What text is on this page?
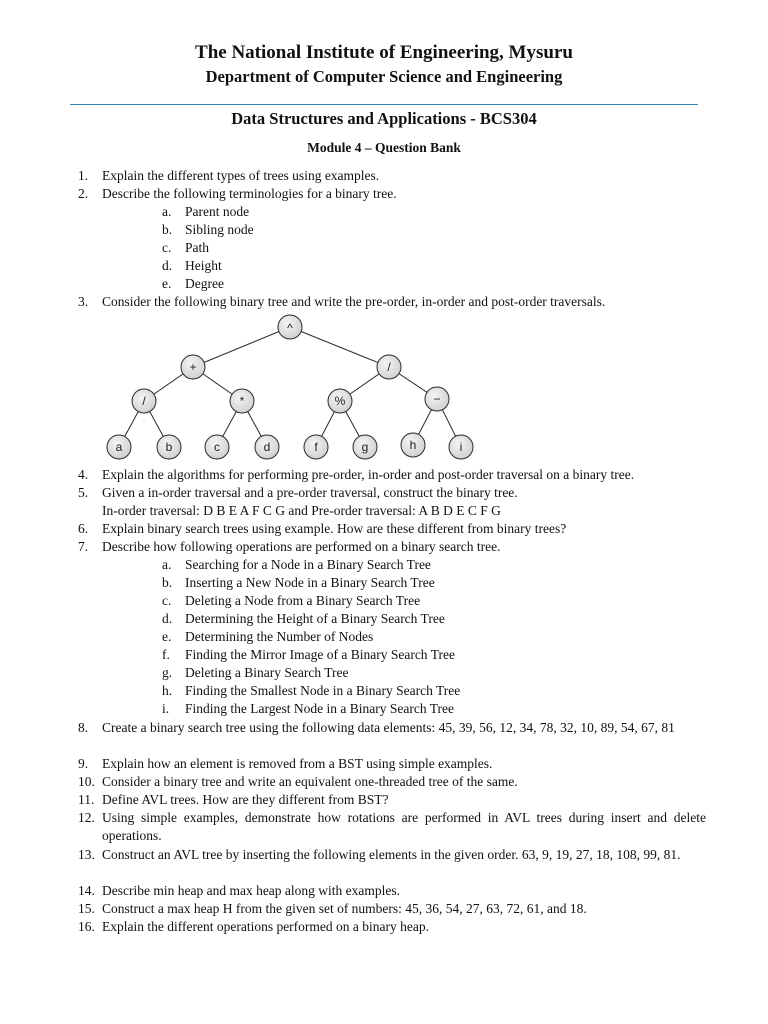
The National Institute of Engineering, Mysuru
Department of Computer Science and Engineering
Data Structures and Applications - BCS304
Module 4 – Question Bank
1. Explain the different types of trees using examples.
2. Describe the following terminologies for a binary tree.
a. Parent node
b. Sibling node
c. Path
d. Height
e. Degree
3. Consider the following binary tree and write the pre-order, in-order and post-order traversals.
^
+	/
/	*	%	−
a	b	c	d	f	g	h	i
4. Explain the algorithms for performing pre-order, in-order and post-order traversal on a binary tree.
5. Given a in-order traversal and a pre-order traversal, construct the binary tree.
In-order traversal: D B E A F C G and Pre-order traversal: A B D E C F G
6. Explain binary search trees using example. How are these different from binary trees?
7. Describe how following operations are performed on a binary search tree.
a. Searching for a Node in a Binary Search Tree
b. Inserting a New Node in a Binary Search Tree
c. Deleting a Node from a Binary Search Tree
d. Determining the Height of a Binary Search Tree
e. Determining the Number of Nodes
f. Finding the Mirror Image of a Binary Search Tree
g. Deleting a Binary Search Tree
h. Finding the Smallest Node in a Binary Search Tree
i. Finding the Largest Node in a Binary Search Tree
8. Create a binary search tree using the following data elements: 45, 39, 56, 12, 34, 78, 32, 10, 89, 54, 67, 81
9. Explain how an element is removed from a BST using simple examples.
10. Consider a binary tree and write an equivalent one-threaded tree of the same.
11. Define AVL trees. How are they different from BST?
12. Using simple examples, demonstrate how rotations are performed in AVL trees during insert and delete operations.
13. Construct an AVL tree by inserting the following elements in the given order. 63, 9, 19, 27, 18, 108, 99, 81.
14. Describe min heap and max heap along with examples.
15. Construct a max heap H from the given set of numbers: 45, 36, 54, 27, 63, 72, 61, and 18.
16. Explain the different operations performed on a binary heap.
